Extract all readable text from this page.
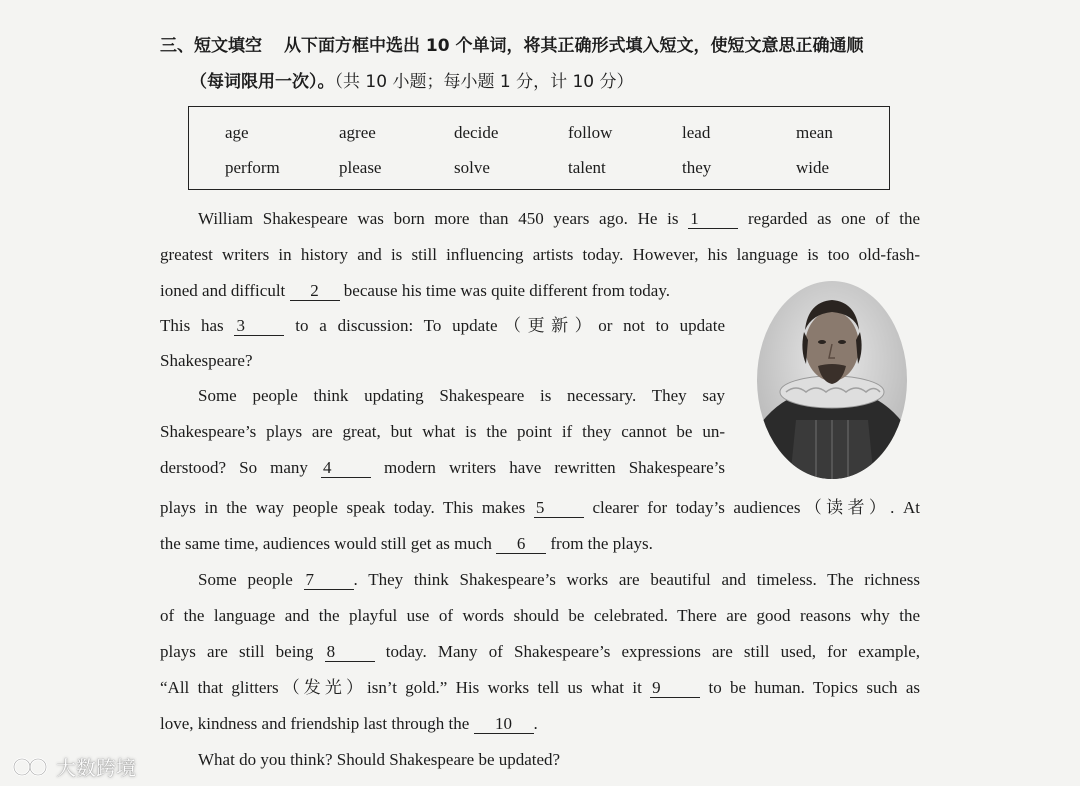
三、短文填空 从下面方框中选出 10 个单词，将其正确形式填入短文，使短文意思正确通顺
（每词限用一次）。（共 10 小题；每小题 1 分，计 10 分）
age	agree	decide	follow	lead	mean
perform	please	solve	talent	they	wide
William Shakespeare was born more than 450 years ago. He is 1	regarded as one of the
greatest writers in history and is still influencing artists today. However, his language is too old-fash-
ioned and difficult 2 because his time was quite different from today.
This has 3	to a discussion: To update（更新）or not to update
Shakespeare?
Some people think updating Shakespeare is necessary. They say
Shakespeare’s plays are great, but what is the point if they cannot be un-
derstood? So many 4	modern writers have rewritten Shakespeare’s
plays in the way people speak today. This makes 5	clearer for today’s audiences（读者）. At
the same time, audiences would still get as much 6 from the plays.
Some people 7 . They think Shakespeare’s works are beautiful and timeless. The richness
of the language and the playful use of words should be celebrated. There are good reasons why the
plays are still being 8	today. Many of Shakespeare’s expressions are still used, for example,
“All that glitters（发光）isn’t gold.” His works tell us what it 9	to be human. Topics such as
love, kindness and friendship last through the 10 .
What do you think? Should Shakespeare be updated?
大数跨境
